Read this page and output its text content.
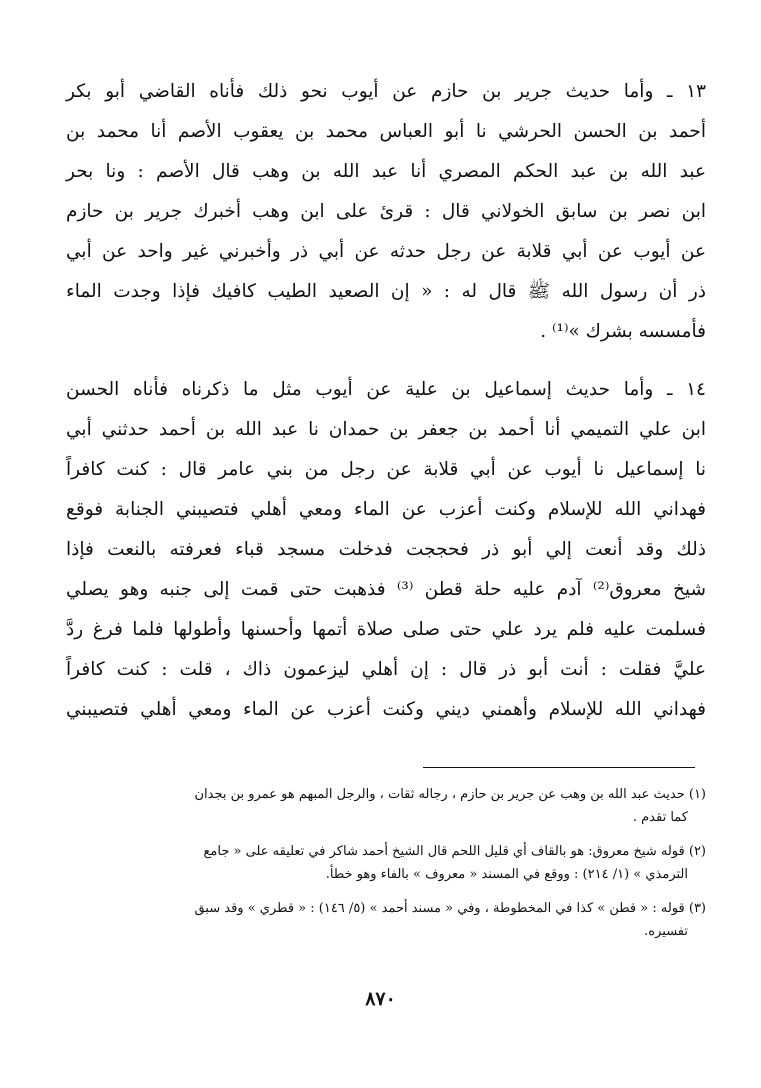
١٣ ـ وأما حديث جرير بن حازم عن أيوب نحو ذلك فأناه القاضي أبو بكر
أحمد بن الحسن الحرشي نا أبو العباس محمد بن يعقوب الأصم أنا محمد بن
عبد الله بن عبد الحكم المصري أنا عبد الله بن وهب قال الأصم : ونا بحر
ابن نصر بن سابق الخولاني قال : قرئ على ابن وهب أخبرك جرير بن حازم
عن أيوب عن أبي قلابة عن رجل حدثه عن أبي ذر وأخبرني غير واحد عن أبي
ذر أن رسول الله ﷺ قال له : « إن الصعيد الطيب كافيك فإذا وجدت الماء
فأمسسه بشرك »⁽¹⁾ .
١٤ ـ وأما حديث إسماعيل بن علية عن أيوب مثل ما ذكرناه فأناه الحسن
ابن علي التميمي أنا أحمد بن جعفر بن حمدان نا عبد الله بن أحمد حدثني أبي
نا إسماعيل نا أيوب عن أبي قلابة عن رجل من بني عامر قال : كنت كافراً
فهداني الله للإسلام وكنت أعزب عن الماء ومعي أهلي فتصيبني الجنابة فوقع
ذلك وقد أنعت إلي أبو ذر فحججت فدخلت مسجد قباء فعرفته بالنعت فإذا
شيخ معروق⁽²⁾ آدم عليه حلة قطن ⁽³⁾ فذهبت حتى قمت إلى جنبه وهو يصلي
فسلمت عليه فلم يرد علي حتى صلى صلاة أتمها وأحسنها وأطولها فلما فرغ ردَّ
عليَّ فقلت : أنت أبو ذر قال : إن أهلي ليزعمون ذاك ، قلت : كنت كافراً
فهداني الله للإسلام وأهمني ديني وكنت أعزب عن الماء ومعي أهلي فتصيبني
(١) حديث عبد الله بن وهب عن جرير بن حازم ، رجاله ثقات ، والرجل المبهم هو عمرو بن بجدان
كما تقدم .
(٢) قوله شيخ معروق: هو بالقاف أي قليل اللحم قال الشيخ أحمد شاكر في تعليقه على « جامع
الترمذي » (١/ ٢١٤) : ووقع في المسند « معروف » بالفاء وهو خطأ.
(٣) قوله : « قطن » كذا في المخطوطة ، وفي « مسند أحمد » (٥/ ١٤٦) : « قطري » وقد سبق
تفسيره.
٨٧٠
